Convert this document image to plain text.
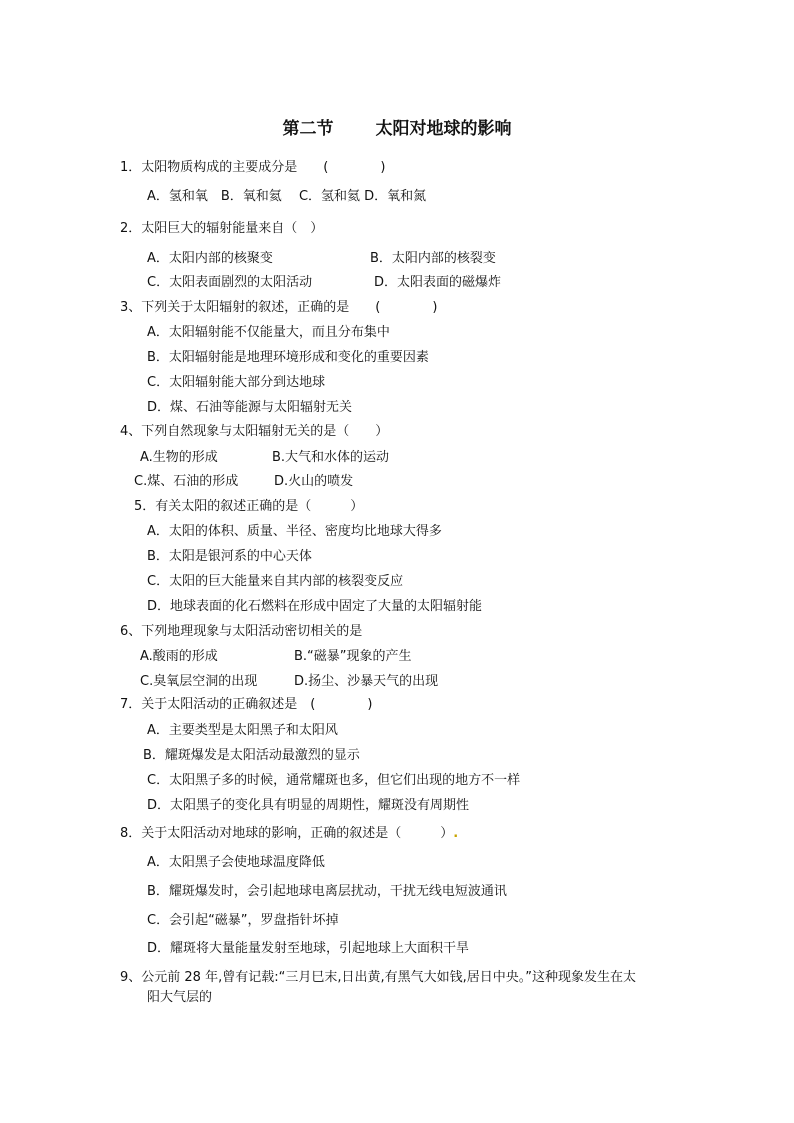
第二节 太阳对地球的影响
1．太阳物质构成的主要成分是　　(　　　　)
A．氢和氧　B．氧和氦　 C．氢和氦 D．氧和氮
2．太阳巨大的辐射能量来自（　）
A．太阳内部的核聚变	B．太阳内部的核裂变
C．太阳表面剧烈的太阳活动	D．太阳表面的磁爆炸
3、下列关于太阳辐射的叙述，正确的是　　(　　　　)
A．太阳辐射能不仅能量大，而且分布集中
B．太阳辐射能是地理环境形成和变化的重要因素
C．太阳辐射能大部分到达地球
D．煤、石油等能源与太阳辐射无关
4、下列自然现象与太阳辐射无关的是（　　）
A.生物的形成	B.大气和水体的运动
C.煤、石油的形成	D.火山的喷发
5．有关太阳的叙述正确的是（　　　）
A．太阳的体积、质量、半径、密度均比地球大得多
B．太阳是银河系的中心天体
C．太阳的巨大能量来自其内部的核裂变反应
D．地球表面的化石燃料在形成中固定了大量的太阳辐射能
6、下列地理现象与太阳活动密切相关的是
A.酸雨的形成	B.“磁暴”现象的产生
C.臭氧层空洞的出现	D.扬尘、沙暴天气的出现
7．关于太阳活动的正确叙述是　(　　　　)
A．主要类型是太阳黑子和太阳风
B．耀斑爆发是太阳活动最激烈的显示
C．太阳黑子多的时候，通常耀斑也多，但它们出现的地方不一样
D．太阳黑子的变化具有明显的周期性，耀斑没有周期性
8．关于太阳活动对地球的影响，正确的叙述是（　　　）.
A．太阳黑子会使地球温度降低
B．耀斑爆发时，会引起地球电离层扰动，干扰无线电短波通讯
C．会引起“磁暴”，罗盘指针坏掉
D．耀斑将大量能量发射至地球，引起地球上大面积干旱
9、公元前 28 年,曾有记载:“三月巳末,日出黄,有黑气大如钱,居日中央。”这种现象发生在太
阳大气层的
